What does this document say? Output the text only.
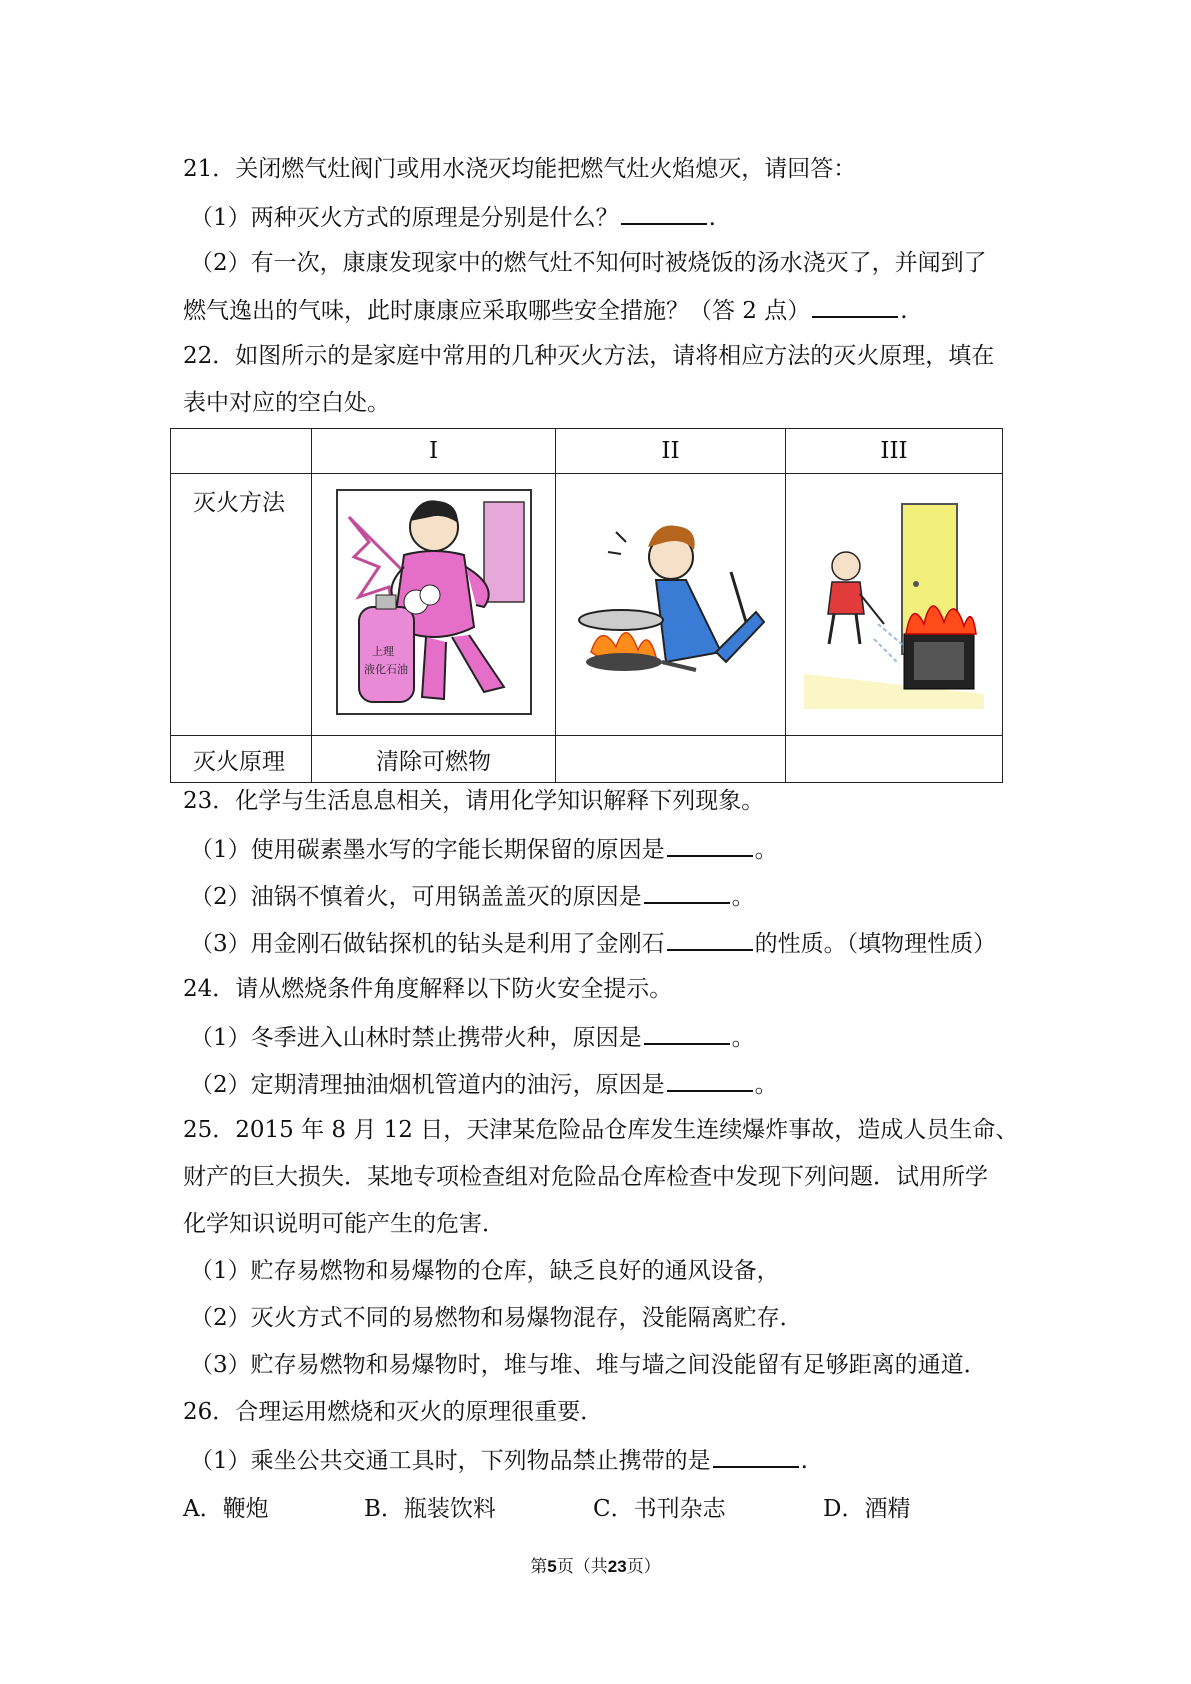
21．关闭燃气灶阀门或用水浇灭均能把燃气灶火焰熄灭，请回答：
（1）两种灭火方式的原理是分别是什么？	.
（2）有一次，康康发现家中的燃气灶不知何时被烧饭的汤水浇灭了，并闻到了
燃气逸出的气味，此时康康应采取哪些安全措施？（答 2 点）	.
22．如图所示的是家庭中常用的几种灭火方法，请将相应方法的灭火原理，填在
表中对应的空白处。
	I	II	III
灭火方法	上理
液化石油

灭火原理	清除可燃物		
23．化学与生活息息相关，请用化学知识解释下列现象。
（1）使用碳素墨水写的字能长期保留的原因是	。
（2）油锅不慎着火，可用锅盖盖灭的原因是	。
（3）用金刚石做钻探机的钻头是利用了金刚石	的性质。（填物理性质）
24．请从燃烧条件角度解释以下防火安全提示。
（1）冬季进入山林时禁止携带火种，原因是	。
（2）定期清理抽油烟机管道内的油污，原因是	。
25．2015 年 8 月 12 日，天津某危险品仓库发生连续爆炸事故，造成人员生命、
财产的巨大损失．某地专项检查组对危险品仓库检查中发现下列问题．试用所学
化学知识说明可能产生的危害．
（1）贮存易燃物和易爆物的仓库，缺乏良好的通风设备，
（2）灭火方式不同的易燃物和易爆物混存，没能隔离贮存．
（3）贮存易燃物和易爆物时，堆与堆、堆与墙之间没能留有足够距离的通道．
26．合理运用燃烧和灭火的原理很重要．
（1）乘坐公共交通工具时，下列物品禁止携带的是	.
A．鞭炮	B．瓶装饮料	C．书刊杂志	D．酒精
第5页（共23页）
